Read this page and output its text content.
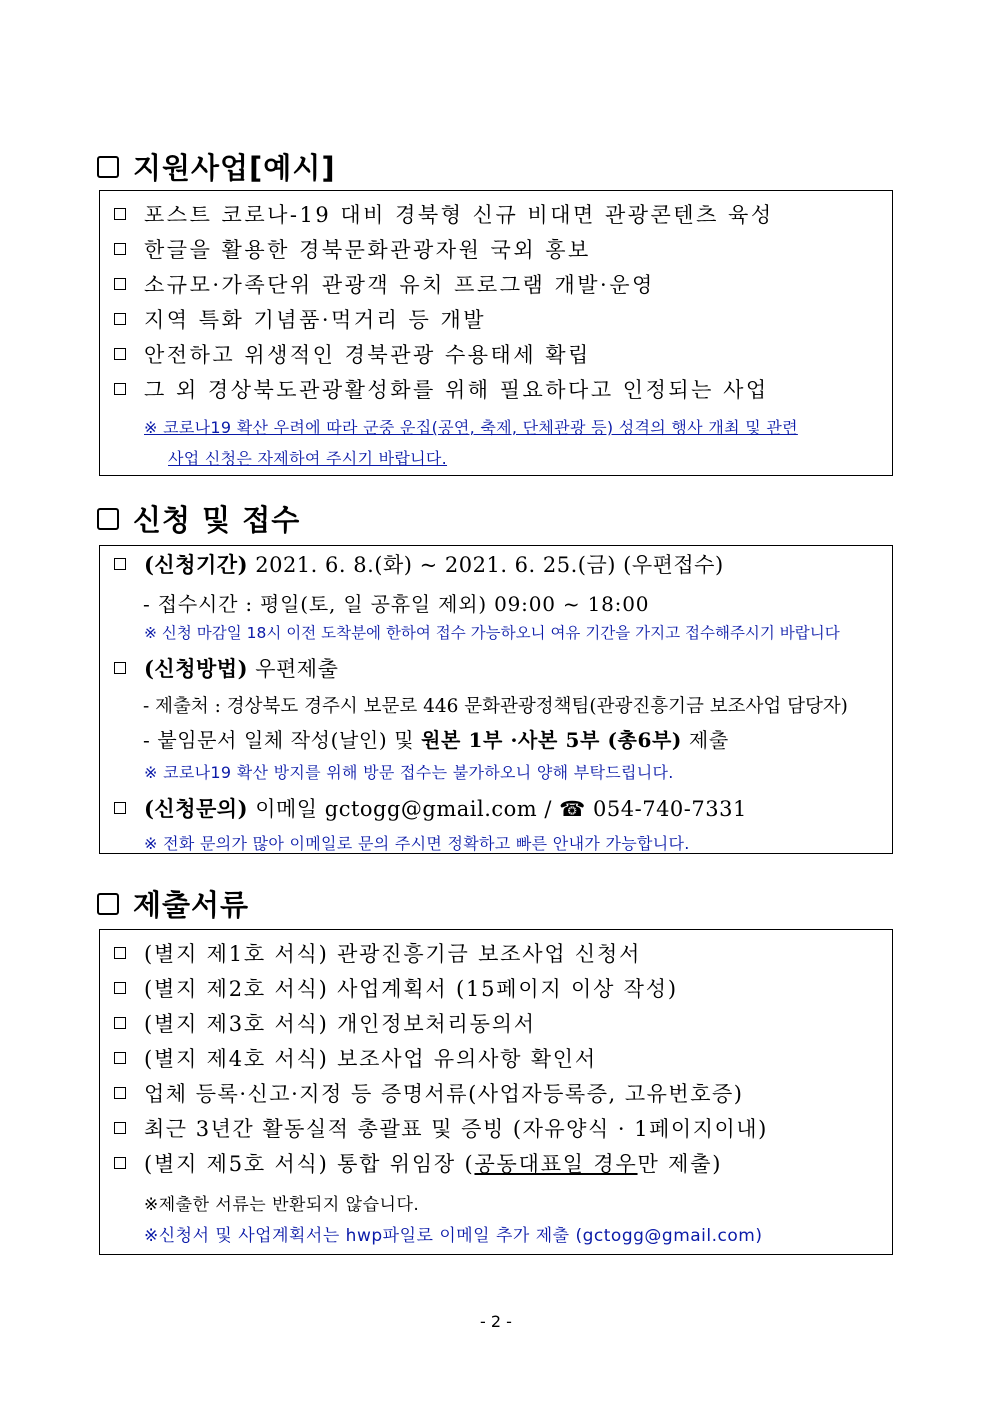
지원사업[예시]
포스트 코로나-19 대비 경북형 신규 비대면 관광콘텐츠 육성
한글을 활용한 경북문화관광자원 국외 홍보
소규모·가족단위 관광객 유치 프로그램 개발·운영
지역 특화 기념품·먹거리 등 개발
안전하고 위생적인 경북관광 수용태세 확립
그 외 경상북도관광활성화를 위해 필요하다고 인정되는 사업
※ 코로나19 확산 우려에 따라 군중 운집(공연, 축제, 단체관광 등) 성격의 행사 개최 및 관련
사업 신청은 자제하여 주시기 바랍니다.
신청 및 접수
(신청기간) 2021. 6. 8.(화) ~ 2021. 6. 25.(금) (우편접수)
- 접수시간 : 평일(토, 일 공휴일 제외) 09:00 ~ 18:00
※ 신청 마감일 18시 이전 도착분에 한하여 접수 가능하오니 여유 기간을 가지고 접수해주시기 바랍니다
(신청방법) 우편제출
- 제출처 : 경상북도 경주시 보문로 446 문화관광정책팀(관광진흥기금 보조사업 담당자)
- 붙임문서 일체 작성(날인) 및 원본 1부 ·사본 5부 (총6부) 제출
※ 코로나19 확산 방지를 위해 방문 접수는 불가하오니 양해 부탁드립니다.
(신청문의) 이메일 gctogg@gmail.com / ☎ 054-740-7331
※ 전화 문의가 많아 이메일로 문의 주시면 정확하고 빠른 안내가 가능합니다.
제출서류
(별지 제1호 서식) 관광진흥기금 보조사업 신청서
(별지 제2호 서식) 사업계획서 (15페이지 이상 작성)
(별지 제3호 서식) 개인정보처리동의서
(별지 제4호 서식) 보조사업 유의사항 확인서
업체 등록·신고·지정 등 증명서류(사업자등록증, 고유번호증)
최근 3년간 활동실적 총괄표 및 증빙 (자유양식 · 1페이지이내)
(별지 제5호 서식) 통합 위임장 (공동대표일 경우만 제출)
※제출한 서류는 반환되지 않습니다.
※신청서 및 사업계획서는 hwp파일로 이메일 추가 제출 (gctogg@gmail.com)
- 2 -
